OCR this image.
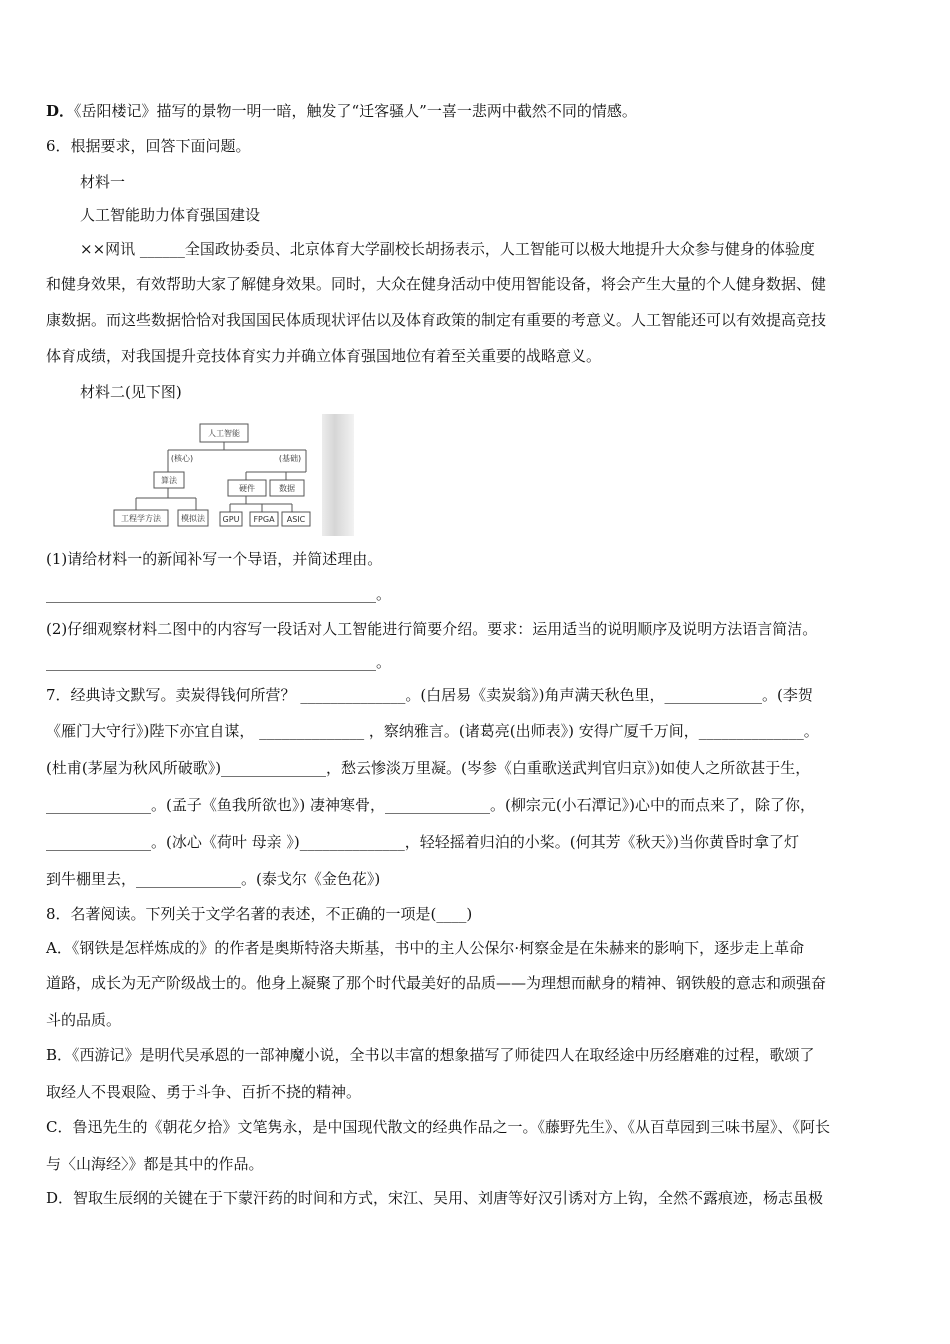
D．《岳阳楼记》描写的景物一明一暗，触发了“迁客骚人”一喜一悲两中截然不同的情感。
6．根据要求，回答下面问题。
材料一
人工智能助力体育强国建设
××网讯 ______全国政协委员、北京体育大学副校长胡扬表示，人工智能可以极大地提升大众参与健身的体验度
和健身效果，有效帮助大家了解健身效果。同时，大众在健身活动中使用智能设备，将会产生大量的个人健身数据、健
康数据。而这些数据恰恰对我国国民体质现状评估以及体育政策的制定有重要的考意义。人工智能还可以有效提高竞技
体育成绩，对我国提升竞技体育实力并确立体育强国地位有着至关重要的战略意义。
材料二(见下图)
人工智能
(核心)	(基础)
算法
硬件	数据
工程学方法	模拟法 GPU FPGA ASIC
(1)请给材料一的新闻补写一个导语，并简述理由。
____________________________________________。
(2)仔细观察材料二图中的内容写一段话对人工智能进行简要介绍。要求：运用适当的说明顺序及说明方法语言简洁。
____________________________________________。
7．经典诗文默写。卖炭得钱何所营？ ______________。(白居易《卖炭翁》)角声满天秋色里，_____________。(李贺
《雁门大守行》)陛下亦宜自谋， ______________ ，察纳雅言。(诸葛亮(出师表》) 安得广厦千万间，______________。
(杜甫(茅屋为秋风所破歌》)______________，愁云惨淡万里凝。(岑参《白重歌送武判官归京》)如使人之所欲甚于生，
______________。(孟子《鱼我所欲也》) 凄神寒骨，______________。(柳宗元(小石潭记》)心中的而点来了，除了你，
______________。(冰心《荷叶 母亲 》)______________，轻轻摇着归泊的小桨。(何其芳《秋天》)当你黄昏时拿了灯
到牛棚里去，______________。(泰戈尔《金色花》)
8．名著阅读。下列关于文学名著的表述，不正确的一项是(____)
A．《钢铁是怎样炼成的》的作者是奥斯特洛夫斯基，书中的主人公保尔·柯察金是在朱赫来的影响下，逐步走上革命
道路，成长为无产阶级战士的。他身上凝聚了那个时代最美好的品质——为理想而献身的精神、钢铁般的意志和顽强奋
斗的品质。
B．《西游记》是明代吴承恩的一部神魔小说，全书以丰富的想象描写了师徒四人在取经途中历经磨难的过程，歌颂了
取经人不畏艰险、勇于斗争、百折不挠的精神。
C．鲁迅先生的《朝花夕拾》文笔隽永，是中国现代散文的经典作品之一。《藤野先生》、《从百草园到三味书屋》、《阿长
与〈山海经〉》都是其中的作品。
D．智取生辰纲的关键在于下蒙汗药的时间和方式，宋江、吴用、刘唐等好汉引诱对方上钩，全然不露痕迹，杨志虽极
